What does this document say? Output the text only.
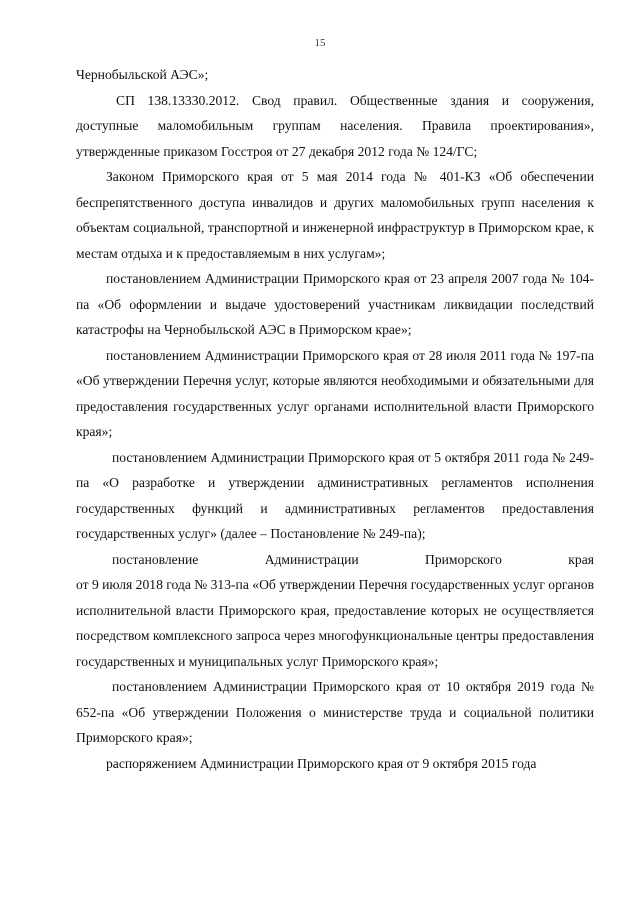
15
Чернобыльской АЭС»;
СП 138.13330.2012. Свод правил. Общественные здания и сооружения, доступные маломобильным группам населения. Правила проектирования», утвержденные приказом Госстроя от 27 декабря 2012 года № 124/ГС;
Законом Приморского края от 5 мая 2014 года № 401-КЗ «Об обеспечении беспрепятственного доступа инвалидов и других маломобильных групп населения к объектам социальной, транспортной и инженерной инфраструктур в Приморском крае, к местам отдыха и к предоставляемым в них услугам»;
постановлением Администрации Приморского края от 23 апреля 2007 года № 104-па «Об оформлении и выдаче удостоверений участникам ликвидации последствий катастрофы на Чернобыльской АЭС в Приморском крае»;
постановлением Администрации Приморского края от 28 июля 2011 года № 197-па «Об утверждении Перечня услуг, которые являются необходимыми и обязательными для предоставления государственных услуг органами исполнительной власти Приморского края»;
постановлением Администрации Приморского края от 5 октября 2011 года № 249-па «О разработке и утверждении административных регламентов исполнения государственных функций и административных регламентов предоставления государственных услуг» (далее – Постановление № 249-па);
постановление Администрации Приморского края
от 9 июля 2018 года № 313-па «Об утверждении Перечня государственных услуг органов исполнительной власти Приморского края, предоставление которых не осуществляется посредством комплексного запроса через многофункциональные центры предоставления государственных и муниципальных услуг Приморского края»;
постановлением Администрации Приморского края от 10 октября 2019 года № 652-па «Об утверждении Положения о министерстве труда и социальной политики Приморского края»;
распоряжением Администрации Приморского края от 9 октября 2015 года
